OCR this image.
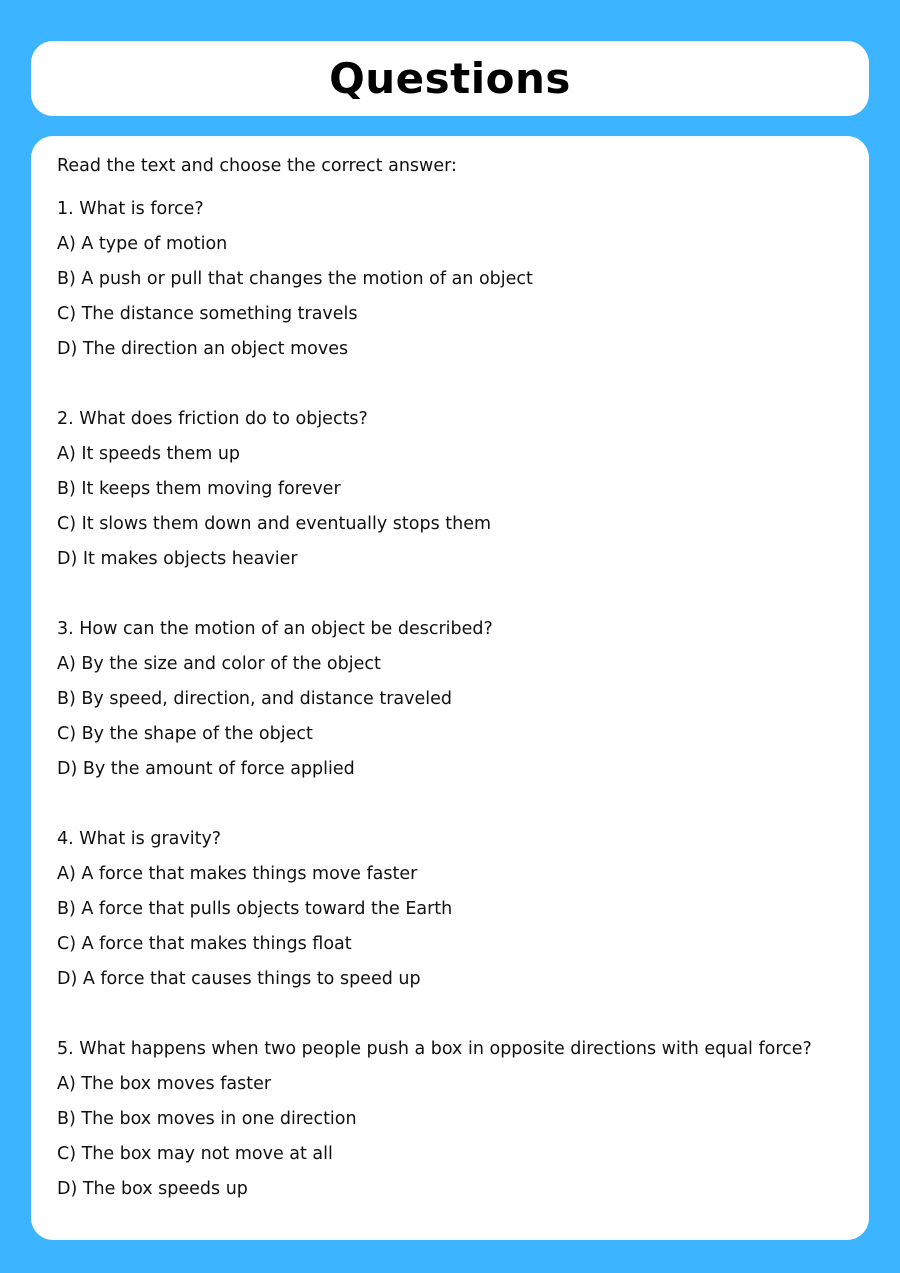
Questions
Read the text and choose the correct answer:
1. What is force?
A) A type of motion
B) A push or pull that changes the motion of an object
C) The distance something travels
D) The direction an object moves
2. What does friction do to objects?
A) It speeds them up
B) It keeps them moving forever
C) It slows them down and eventually stops them
D) It makes objects heavier
3. How can the motion of an object be described?
A) By the size and color of the object
B) By speed, direction, and distance traveled
C) By the shape of the object
D) By the amount of force applied
4. What is gravity?
A) A force that makes things move faster
B) A force that pulls objects toward the Earth
C) A force that makes things float
D) A force that causes things to speed up
5. What happens when two people push a box in opposite directions with equal force?
A) The box moves faster
B) The box moves in one direction
C) The box may not move at all
D) The box speeds up
